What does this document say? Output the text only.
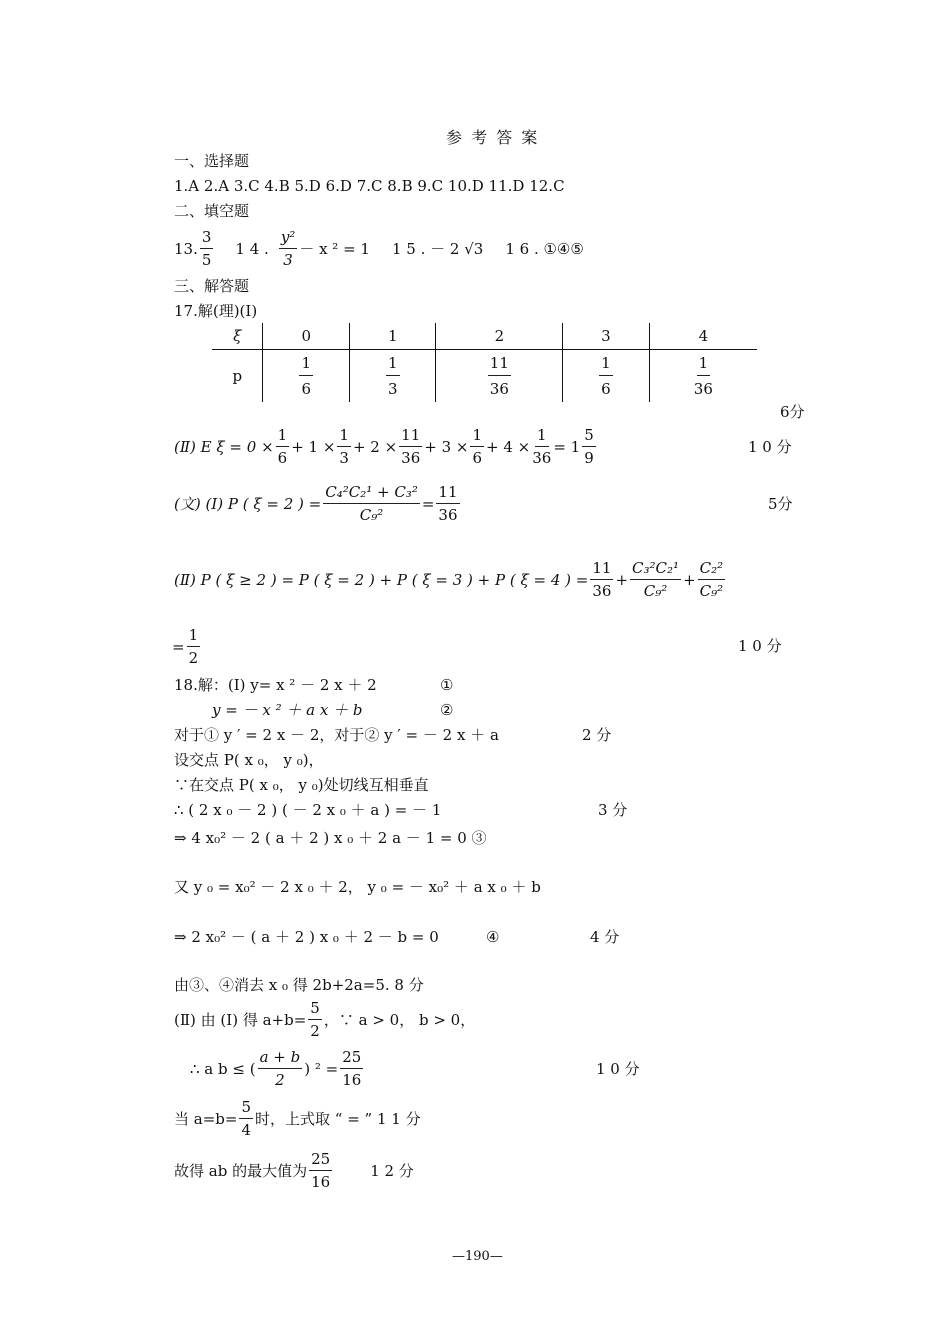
参 考 答 案
一、选择题
1.A 2.A 3.C 4.B 5.D 6.D 7.C 8.B 9.C 10.D 11.D 12.C
二、填空题
13.
3
5
1 4 .
y²
3
－ x ² = 1 1 5 . － 2 √3 1 6 . ①④⑤
三、解答题
17.解(理)(Ⅰ)
ξ	0	1	2	3	4
p	$\frac{1}{6}$	$\frac{1}{3}$	$\frac{11}{36}$	$\frac{1}{6}$	$\frac{1}{36}$
6分
(Ⅱ) E $\xi = 0 \times \frac{1}{6} + 1 \times \frac{1}{3} + 2 \times \frac{11}{36} + 3 \times \frac{1}{6} + 4 \times \frac{1}{36} = 1$
5
9
1 0 分
(文) (Ⅰ) P ( ξ = 2 ) = $\frac{\text{C₄²C₂¹ + C₃²}}{\text{C₉²}} = \frac{11}{36}$	5分
(Ⅱ) P ( ξ ≥ 2 ) = P ( ξ = 2 ) + P ( ξ = 3 ) + P ( ξ = 4 ) = $\frac{11}{36} + \frac{\text{C₃²C₂¹}}{\text{C₉²}} + \frac{\text{C₂²}}{\text{C₉²}}$
= $\frac{1}{2}$	1 0 分
18.解：(Ⅰ) y= x ² － 2 x ＋ 2	①
y = － x ² ＋ a x ＋ b	②
对于① y ′ = 2 x － 2，对于② y ′ = － 2 x ＋ a	2 分
设交点 P( x ₀， y ₀)，
∵在交点 P( x ₀， y ₀)处切线互相垂直
∴ ( 2 x ₀ － 2 ) ( － 2 x ₀ ＋ a ) = － 1	3 分
⇒ 4 x₀² － 2 ( a ＋ 2 ) x ₀ ＋ 2 a － 1 = 0 ③
又 y ₀ = x₀² － 2 x ₀ ＋ 2， y ₀ = － x₀² ＋ a x ₀ ＋ b
⇒ 2 x₀² － ( a ＋ 2 ) x ₀ ＋ 2 － b = 0	④	4 分
由③、④消去 x ₀ 得 2b+2a=5. 8 分
(Ⅱ) 由 (Ⅰ) 得 $a+b= \frac{5}{2}$ ，∵ a > 0， b > 0，
∴ a b ≤ (
a + b
2
) $^2 = \frac{25}{16}$	1 0 分
当 $a=b= \frac{5}{4}$ 时，上式取 “ = ” 1 1 分
故得 ab 的最大值为
25
16
1 2 分
—190—
